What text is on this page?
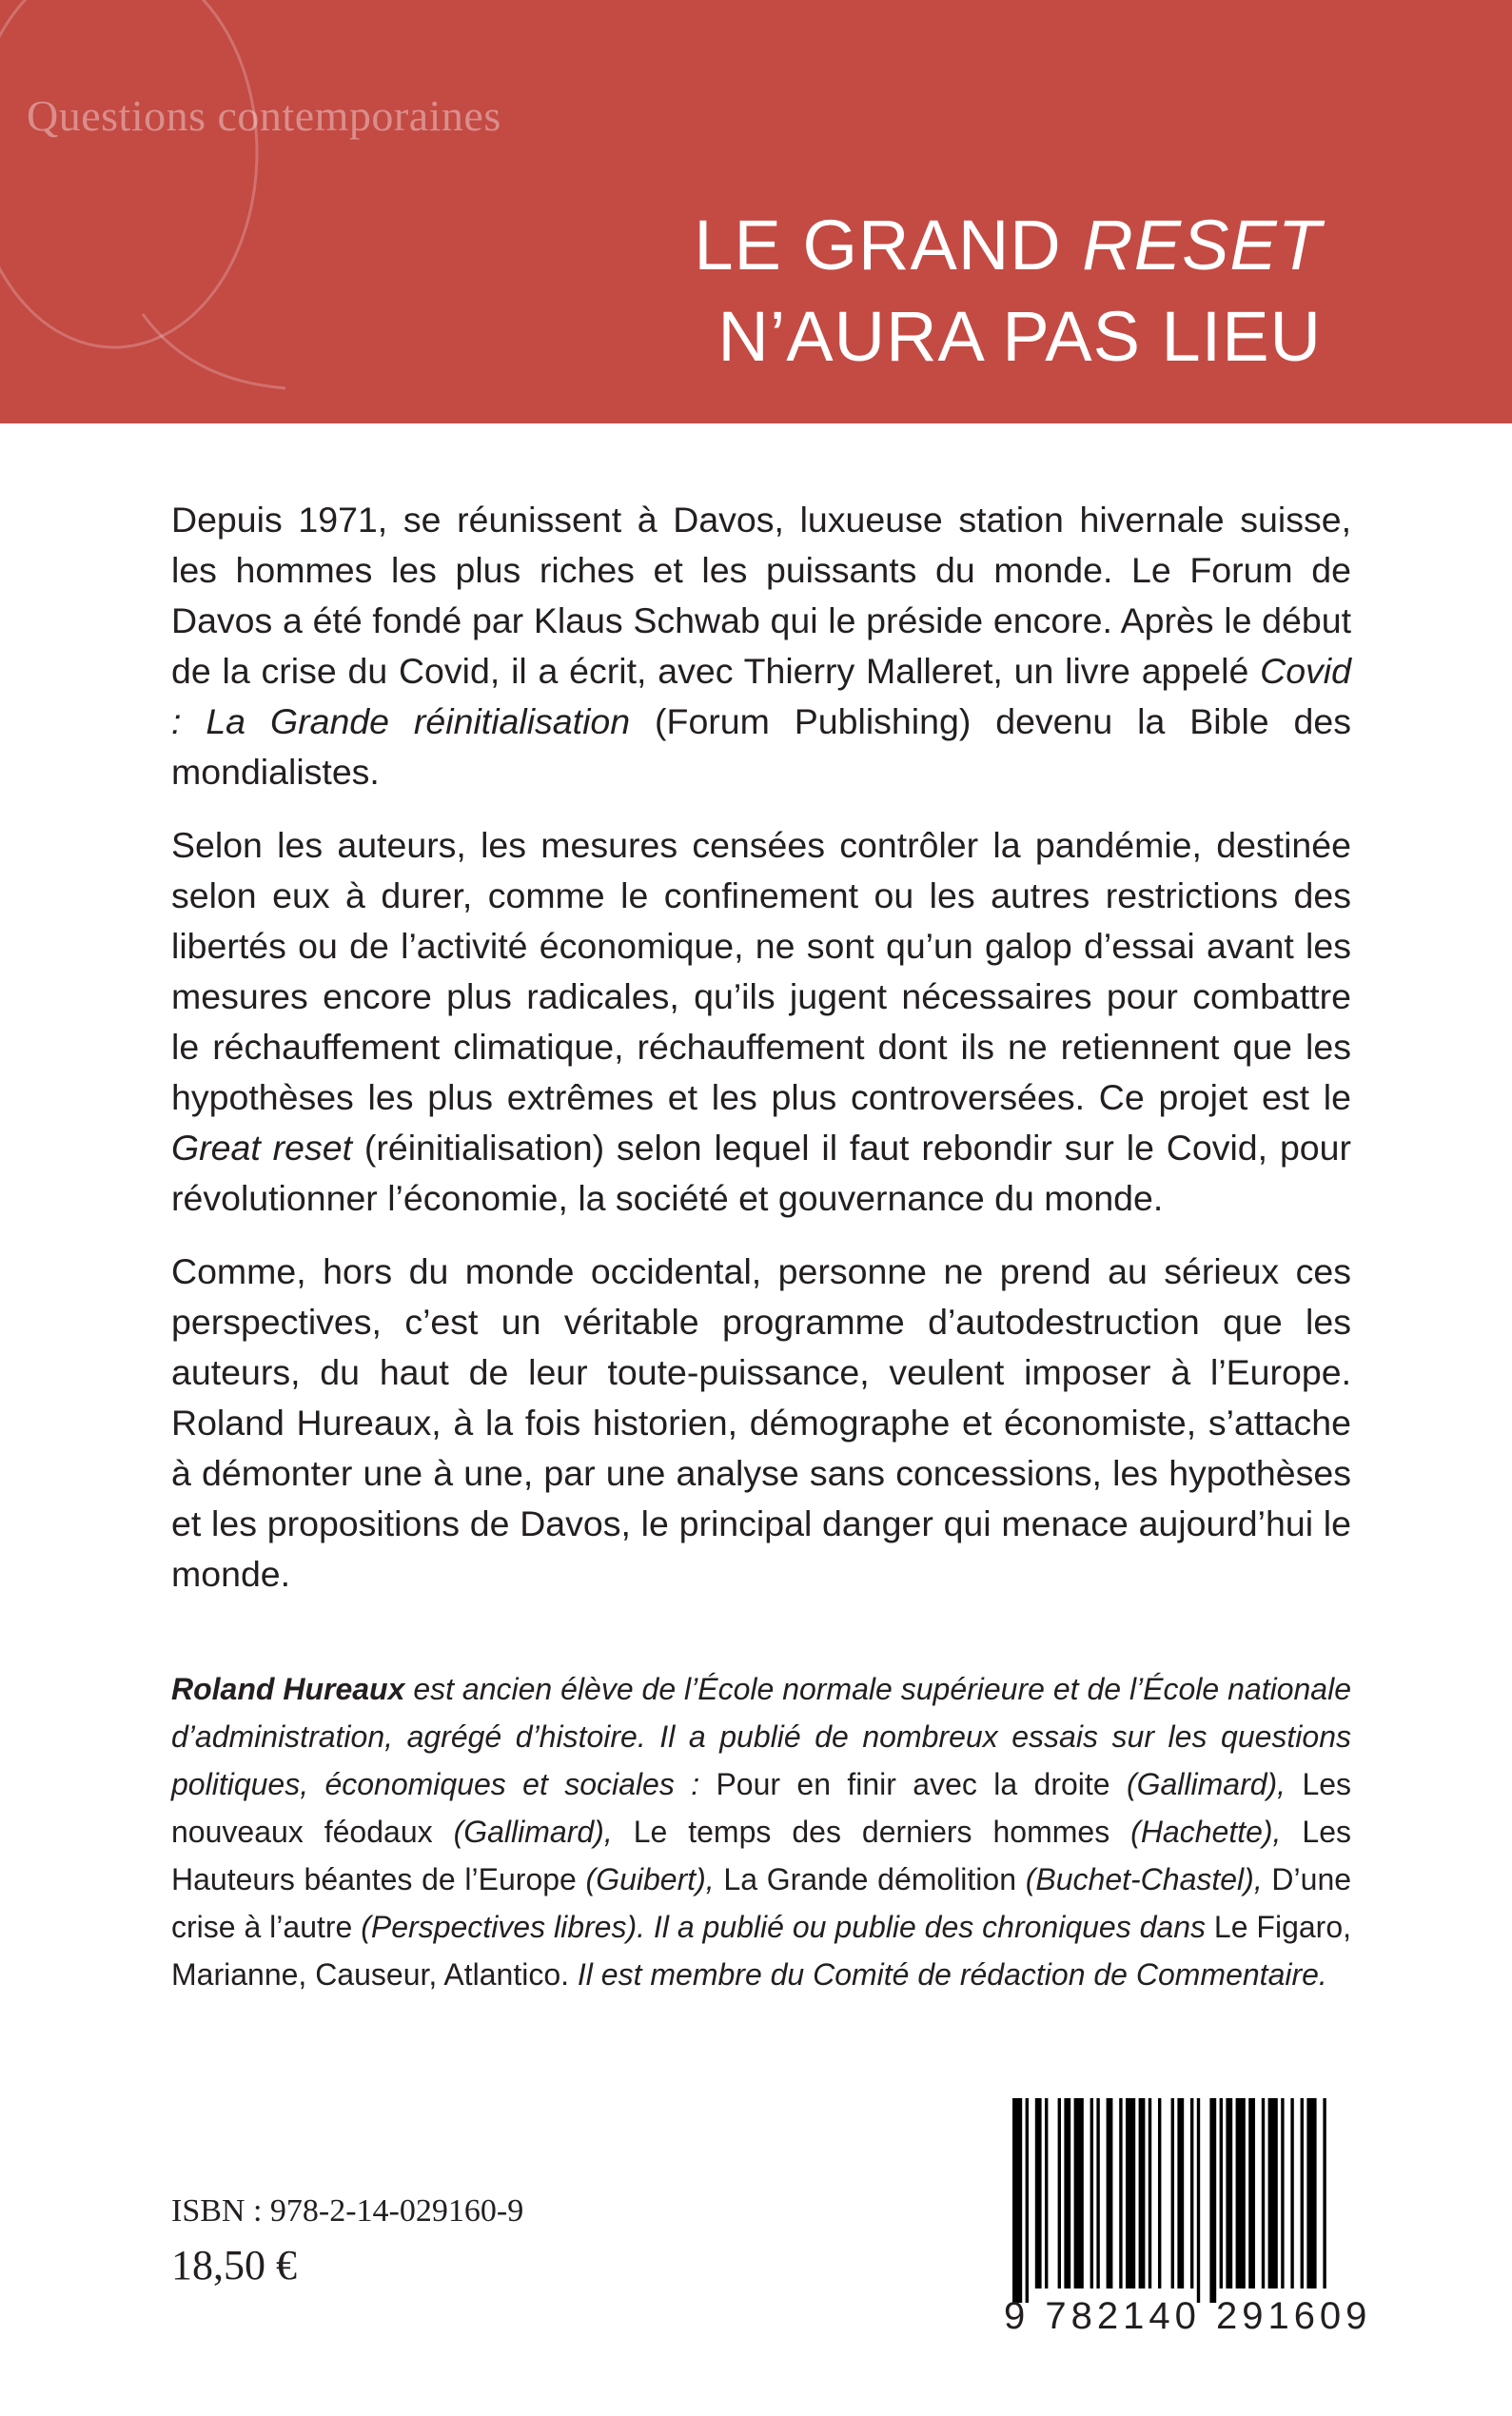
Questions contemporaines
LE GRAND RESET
N’AURA PAS LIEU

Depuis 1971, se réunissent à Davos, luxueuse station hivernale suisse, les hommes les plus riches et les puissants du monde. Le Forum de Davos a été fondé par Klaus Schwab qui le préside encore. Après le début de la crise du Covid, il a écrit, avec Thierry Malleret, un livre appelé Covid : La Grande réinitialisation (Forum Publishing) devenu la Bible des mondialistes.

Selon les auteurs, les mesures censées contrôler la pandémie, destinée selon eux à durer, comme le confinement ou les autres restrictions des libertés ou de l’activité économique, ne sont qu’un galop d’essai avant les mesures encore plus radicales, qu’ils jugent nécessaires pour combattre le réchauffement climatique, réchauffement dont ils ne retiennent que les hypothèses les plus extrêmes et les plus controversées. Ce projet est le Great reset (réinitialisation) selon lequel il faut rebondir sur le Covid, pour révolutionner l’économie, la société et gouvernance du monde.

Comme, hors du monde occidental, personne ne prend au sérieux ces perspectives, c’est un véritable programme d’autodestruction que les auteurs, du haut de leur toute-puissance, veulent imposer à l’Europe. Roland Hureaux, à la fois historien, démographe et économiste, s’attache à démonter une à une, par une analyse sans concessions, les hypothèses et les propositions de Davos, le principal danger qui menace aujourd’hui le monde.

Roland Hureaux est ancien élève de l’École normale supérieure et de l’École nationale d’administration, agrégé d’histoire. Il a publié de nombreux essais sur les questions politiques, économiques et sociales : Pour en finir avec la droite (Gallimard), Les nouveaux féodaux (Gallimard), Le temps des derniers hommes (Hachette), Les Hauteurs béantes de l’Europe (Guibert), La Grande démolition (Buchet-Chastel), D’une crise à l’autre (Perspectives libres). Il a publié ou publie des chroniques dans Le Figaro, Marianne, Causeur, Atlantico. Il est membre du Comité de rédaction de Commentaire.
ISBN : 978-2-14-029160-9
18,50 €
9 782140 291609
